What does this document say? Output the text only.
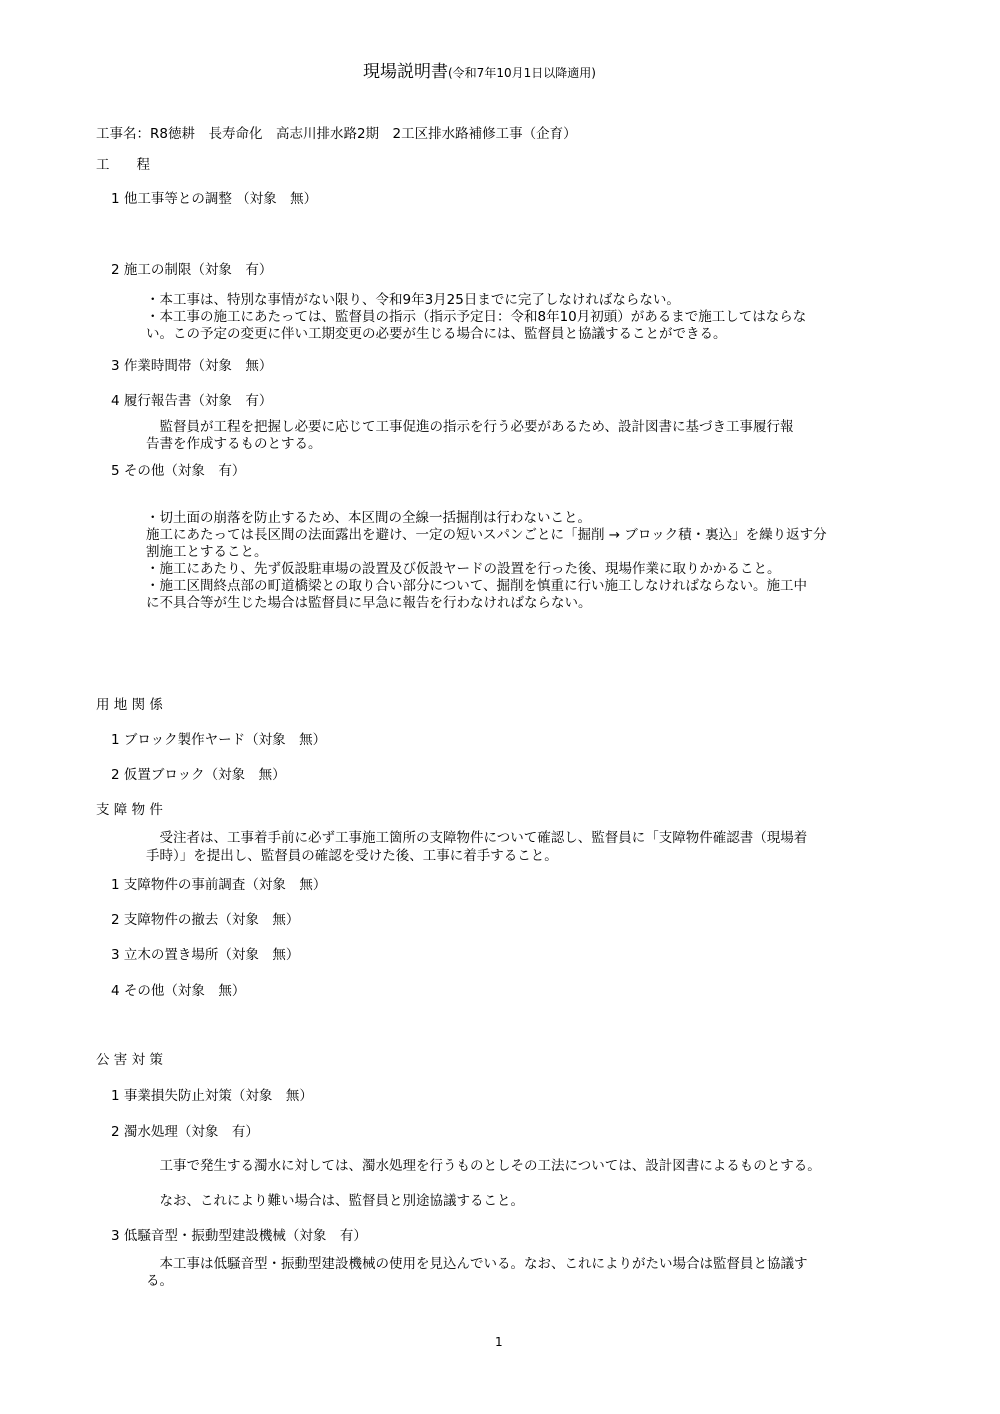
現場説明書(令和7年10月1日以降適用)
工事名：R8徳耕　長寿命化　高志川排水路2期　2工区排水路補修工事（企育）
工　　程
1 他工事等との調整 （対象　無）
2 施工の制限（対象　有）
・本工事は、特別な事情がない限り、令和9年3月25日までに完了しなければならない。
・本工事の施工にあたっては、監督員の指示（指示予定日：令和8年10月初頭）があるまで施工してはならな
い。この予定の変更に伴い工期変更の必要が生じる場合には、監督員と協議することができる。
3 作業時間帯（対象　無）
4 履行報告書（対象　有）
　監督員が工程を把握し必要に応じて工事促進の指示を行う必要があるため、設計図書に基づき工事履行報
告書を作成するものとする。
5 その他（対象　有）
・切土面の崩落を防止するため、本区間の全線一括掘削は行わないこと。
施工にあたっては長区間の法面露出を避け、一定の短いスパンごとに「掘削 → ブロック積・裏込」を繰り返す分
割施工とすること。
・施工にあたり、先ず仮設駐車場の設置及び仮設ヤードの設置を行った後、現場作業に取りかかること。
・施工区間終点部の町道橋梁との取り合い部分について、掘削を慎重に行い施工しなければならない。施工中
に不具合等が生じた場合は監督員に早急に報告を行わなければならない。
用 地 関 係
1 ブロック製作ヤード（対象　無）
2 仮置ブロック（対象　無）
支 障 物 件
　受注者は、工事着手前に必ず工事施工箇所の支障物件について確認し、監督員に「支障物件確認書（現場着
手時）」を提出し、監督員の確認を受けた後、工事に着手すること。
1 支障物件の事前調査（対象　無）
2 支障物件の撤去（対象　無）
3 立木の置き場所（対象　無）
4 その他（対象　無）
公 害 対 策
1 事業損失防止対策（対象　無）
2 濁水処理（対象　有）
　工事で発生する濁水に対しては、濁水処理を行うものとしその工法については、設計図書によるものとする。
　なお、これにより難い場合は、監督員と別途協議すること。
3 低騒音型・振動型建設機械（対象　有）
　本工事は低騒音型・振動型建設機械の使用を見込んでいる。なお、これによりがたい場合は監督員と協議す
る。
1
